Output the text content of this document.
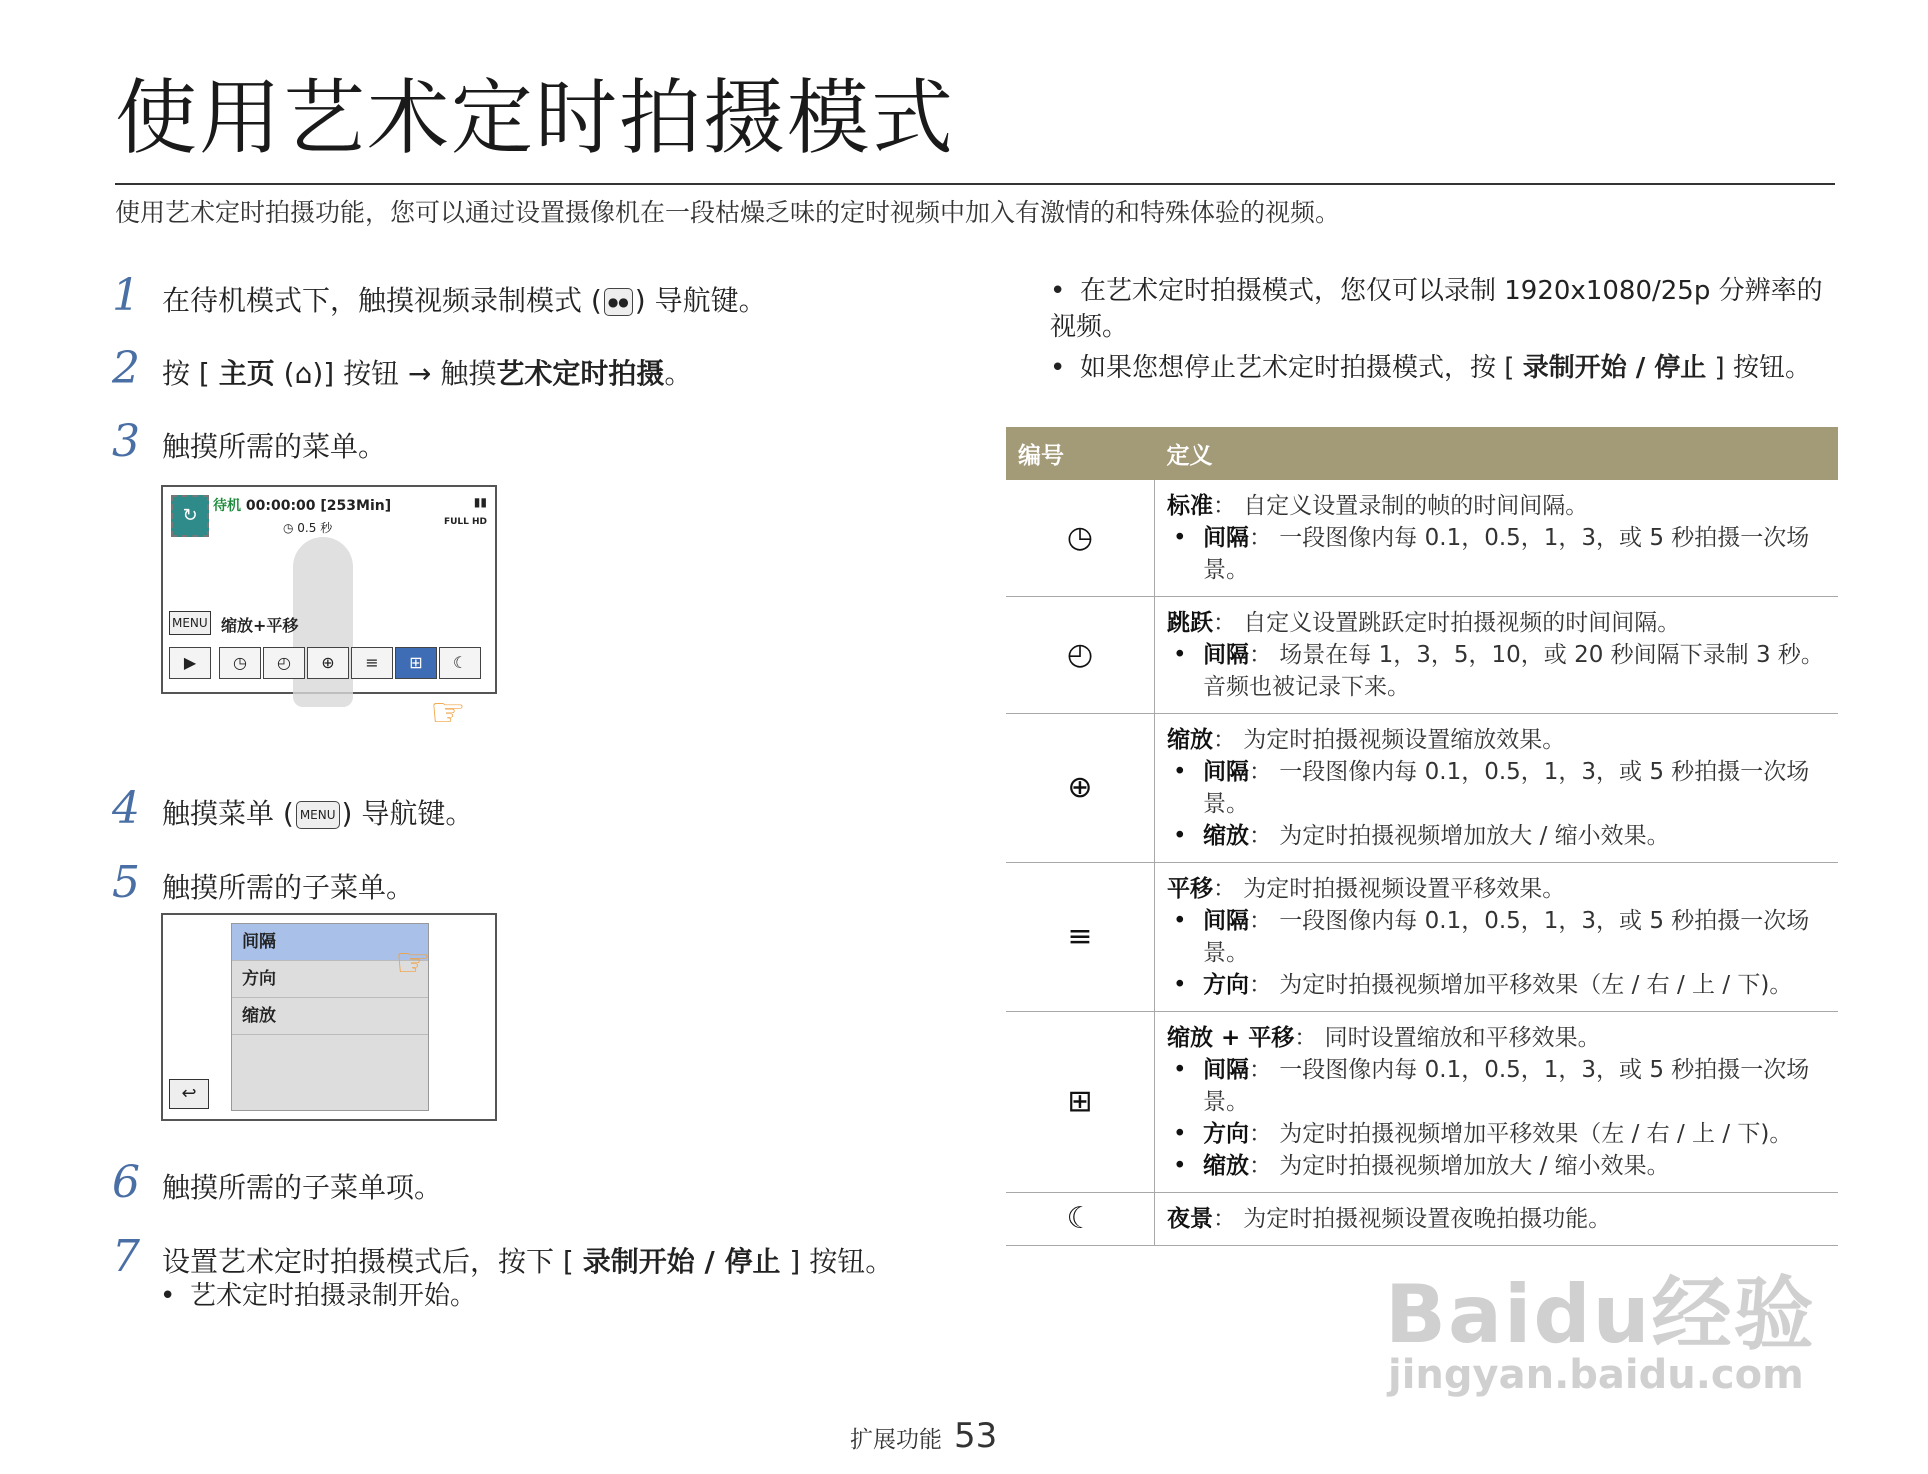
使用艺术定时拍摄模式
使用艺术定时拍摄功能，您可以通过设置摄像机在一段枯燥乏味的定时视频中加入有激情的和特殊体验的视频。
1 在待机模式下，触摸视频录制模式 ( ●● ) 导航键。
2 按 [ 主页 (⌂)] 按钮 → 触摸艺术定时拍摄。
3 触摸所需的菜单。
↻	待机 00:00:00 [253Min]
◷ 0.5 秒
▮▮
FULL HD
MENU 缩放+平移
▶	◷	◴	⊕	≡	⊞	☾
☞
4 触摸菜单 ( MENU ) 导航键。
5 触摸所需的子菜单。
间隔
方向
缩放
↩
☞
6 触摸所需的子菜单项。
7 设置艺术定时拍摄模式后，按下 [ 录制开始 / 停止 ] 按钮。
• 艺术定时拍摄录制开始。
• 在艺术定时拍摄模式，您仅可以录制 1920x1080/25p 分辨率的视频。
• 如果您想停止艺术定时拍摄模式，按 [ 录制开始 / 停止 ] 按钮。
编号	定义
◷	标准： 自定义设置录制的帧的时间间隔。
• 间隔： 一段图像内每 0.1，0.5，1，3，或 5 秒拍摄一次场景。

◴	跳跃： 自定义设置跳跃定时拍摄视频的时间间隔。
• 间隔： 场景在每 1，3，5，10，或 20 秒间隔下录制 3 秒。音频也被记录下来。

⊕	缩放： 为定时拍摄视频设置缩放效果。
• 间隔： 一段图像内每 0.1，0.5，1，3，或 5 秒拍摄一次场景。
• 缩放： 为定时拍摄视频增加放大 / 缩小效果。

≡	平移： 为定时拍摄视频设置平移效果。
• 间隔： 一段图像内每 0.1，0.5，1，3，或 5 秒拍摄一次场景。
• 方向： 为定时拍摄视频增加平移效果（左 / 右 / 上 / 下)。

⊞	缩放 + 平移： 同时设置缩放和平移效果。
• 间隔： 一段图像内每 0.1，0.5，1，3，或 5 秒拍摄一次场景。
• 方向： 为定时拍摄视频增加平移效果（左 / 右 / 上 / 下)。
• 缩放： 为定时拍摄视频增加放大 / 缩小效果。

☾	夜景： 为定时拍摄视频设置夜晚拍摄功能。
扩展功能 53
Baidu经验
jingyan.baidu.com
